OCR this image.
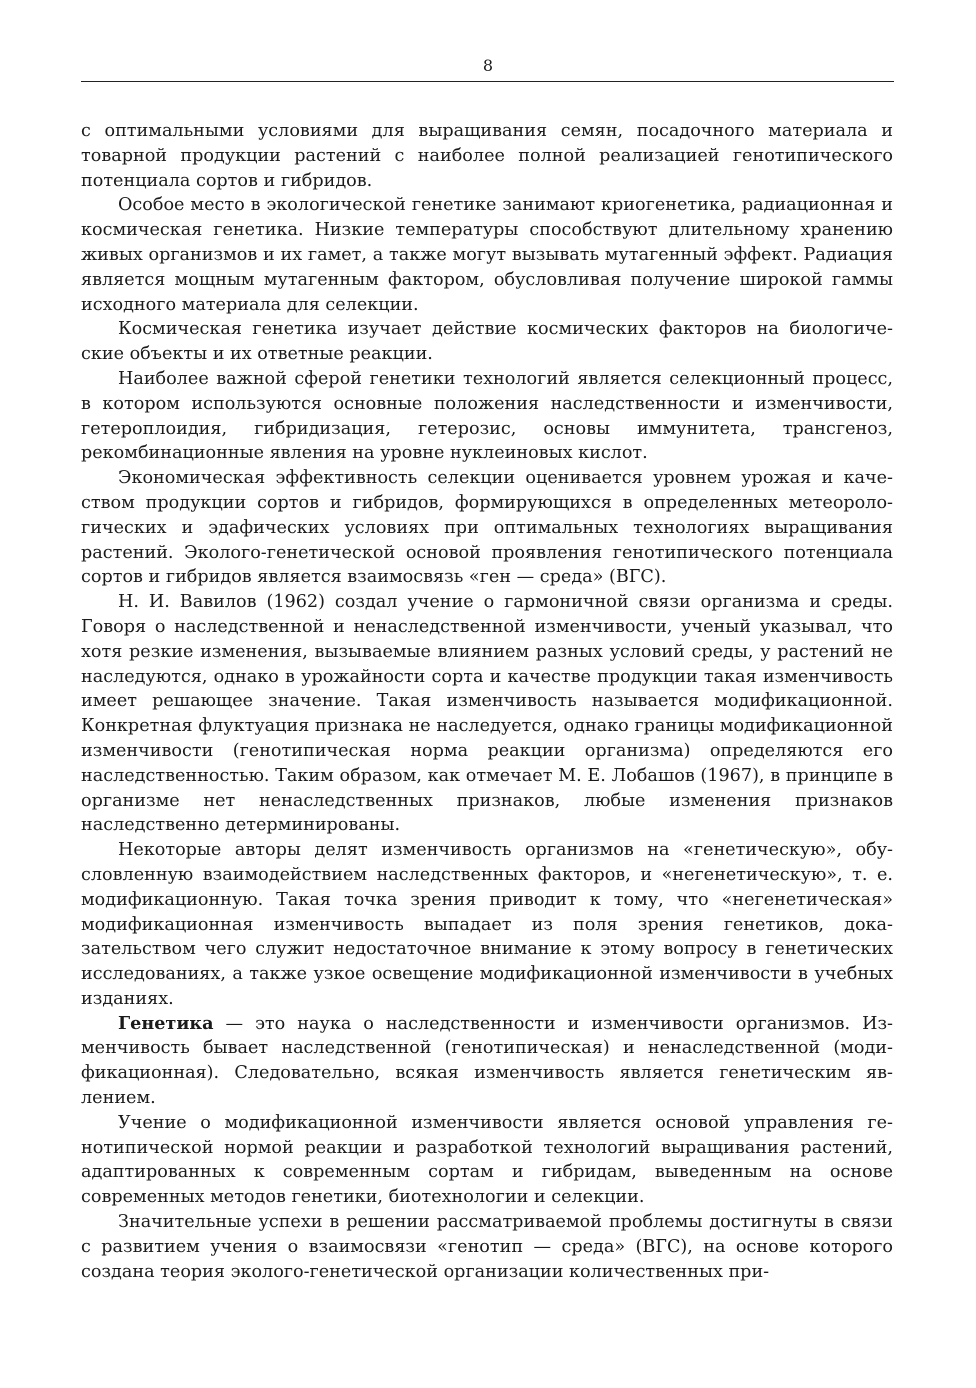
8

с оптимальными условиями для выращивания семян, посадочного материала и товарной продукции растений с наиболее полной реализацией генотипического потенциала сортов и гибридов.

Особое место в экологической генетике занимают криогенетика, радиационная и космическая генетика. Низкие температуры способствуют длительному хранению живых организмов и их гамет, а также могут вызывать мутагенный эффект. Радиация является мощным мутагенным фактором, обусловливая получение широкой гаммы исходного материала для селекции.

Космическая генетика изучает действие космических факторов на биологические объекты и их ответные реакции.

Наиболее важной сферой генетики технологий является селекционный процесс, в котором используются основные положения наследственности и изменчивости, гетероплоидия, гибридизация, гетерозис, основы иммунитета, трансгеноз, рекомбинационные явления на уровне нуклеиновых кислот.

Экономическая эффективность селекции оценивается уровнем урожая и качеством продукции сортов и гибридов, формирующихся в определенных метеорологических и эдафических условиях при оптимальных технологиях выращивания растений. Эколого-генетической основой проявления генотипического потенциала сортов и гибридов является взаимосвязь «ген — среда» (ВГС).

Н. И. Вавилов (1962) создал учение о гармоничной связи организма и среды. Говоря о наследственной и ненаследственной изменчивости, ученый указывал, что хотя резкие изменения, вызываемые влиянием разных условий среды, у растений не наследуются, однако в урожайности сорта и качестве продукции такая изменчивость имеет решающее значение. Такая изменчивость называется модификационной. Конкретная флуктуация признака не наследуется, однако границы модификационной изменчивости (генотипическая норма реакции организма) определяются его наследственностью. Таким образом, как отмечает М. Е. Лобашов (1967), в принципе в организме нет ненаследственных признаков, любые изменения признаков наследственно детерминированы.

Некоторые авторы делят изменчивость организмов на «генетическую», обусловленную взаимодействием наследственных факторов, и «негенетическую», т. е. модификационную. Такая точка зрения приводит к тому, что «негенетическая» модификационная изменчивость выпадает из поля зрения генетиков, доказательством чего служит недостаточное внимание к этому вопросу в генетических исследованиях, а также узкое освещение модификационной изменчивости в учебных изданиях.

Генетика — это наука о наследственности и изменчивости организмов. Изменчивость бывает наследственной (генотипическая) и ненаследственной (модификационная). Следовательно, всякая изменчивость является генетическим явлением.

Учение о модификационной изменчивости является основой управления генотипической нормой реакции и разработкой технологий выращивания растений, адаптированных к современным сортам и гибридам, выведенным на основе современных методов генетики, биотехнологии и селекции.

Значительные успехи в решении рассматриваемой проблемы достигнуты в связи с развитием учения о взаимосвязи «генотип — среда» (ВГС), на основе которого создана теория эколого-генетической организации количественных при-
